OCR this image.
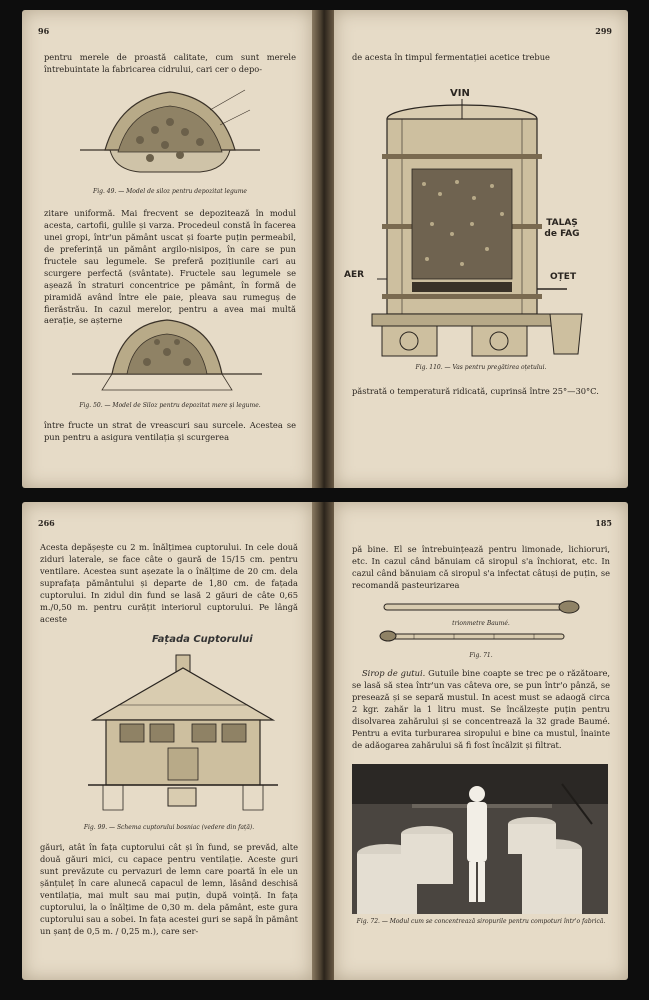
96

pentru merele de proastă calitate, cum sunt merele întrebuintate la fabricarea cidrului, cari cer o depo-

Fig. 49. — Model de siloz pentru depozitat legume

zitare uniformă. Mai frecvent se depozitează în modul acesta, cartofii, gulile și varza. Procedeul constă în facerea unei gropi, într'un pământ uscat și foarte puțin permeabil, de preferință un pământ argilo-nisipos, în care se pun fructele sau legumele. Se preferă pozițiunile cari au scurgere perfectă (svântate). Fructele sau legumele se așează în straturi concentrice pe pământ, în formă de piramidă având între ele paie, pleava sau rumeguș de fierăstrău. In cazul merelor, pentru a avea mai multă aerație, se așterne

Fig. 50. — Model de Siloz pentru depozitat mere și legume.

între fructe un strat de vreascuri sau surcele. Acestea se pun pentru a asigura ventilația și scurgerea

299

de acesta în timpul fermentației acetice trebue

VIN
TALAȘ de FAG
AER	OȚET

Fig. 110. — Vas pentru pregătirea oțetului.

păstrată o temperatură ridicată, cuprinsă între 25°—30°C.

266

Acesta depășește cu 2 m. înălțimea cuptorului. In cele două ziduri laterale, se face câte o gaură de 15/15 cm. pentru ventilare. Acestea sunt așezate la o înălțime de 20 cm. dela suprafața pământului și departe de 1,80 cm. de fațada cuptorului. In zidul din fund se lasă 2 găuri de câte 0,65 m./0,50 m. pentru curățit interiorul cuptorului. Pe lângă aceste

Fațada Cuptorului

Fig. 99. — Schema cuptorului bosniac (vedere din față).

găuri, atât în fața cuptorului cât și în fund, se prevăd, alte două găuri mici, cu capace pentru ventilație. Aceste guri sunt prevăzute cu pervazuri de lemn care poartă în ele un șănțuleț în care alunecă capacul de lemn, lăsând deschisă ventilația, mai mult sau mai puțin, după voință. In fața cuptorului, la o înălțime de 0,30 m. dela pământ, este gura cuptorului sau a sobei. In fața acestei guri se sapă în pământ un șanț de 0,5 m. / 0,25 m.), care ser-

185

pă bine. El se întrebuințează pentru limonade, lichioruri, etc. In cazul când bănuiam că siropul s'a închiorat, etc. In cazul când bănuiam că siropul s'a infectat câtuși de puțin, se recomandă pasteurizarea

trionmetre Baumé.

Fig. 71.

Sirop de gutui. Gutuile bine coapte se trec pe o răzătoare, se lasă să stea într'un vas câteva ore, se pun într'o pânză, se presează și se separă mustul. In acest must se adaogă circa 2 kgr. zahăr la 1 litru must. Se încălzește puțin pentru disolvarea zahărului și se concentrează la 32 grade Baumé. Pentru a evita turburarea siropului e bine ca mustul, înainte de adăogarea zahărului să fi fost încălzit și filtrat.

Fig. 72. — Modul cum se concentrează siropurile pentru compoturi într'o fabrică.
